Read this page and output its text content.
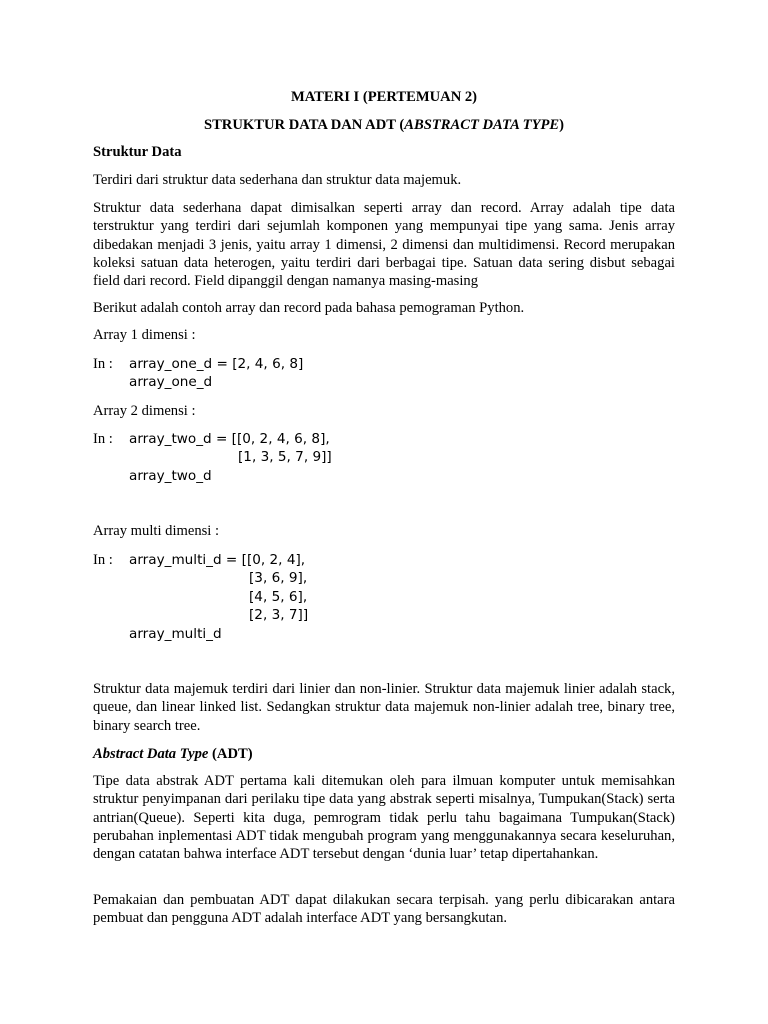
MATERI I (PERTEMUAN 2)
STRUKTUR DATA DAN ADT (ABSTRACT DATA TYPE)
Struktur Data
Terdiri dari struktur data sederhana dan struktur data majemuk.
Struktur data sederhana dapat dimisalkan seperti array dan record. Array adalah tipe data terstruktur yang terdiri dari sejumlah komponen yang mempunyai tipe yang sama. Jenis array dibedakan menjadi 3 jenis, yaitu array 1 dimensi, 2 dimensi dan multidimensi. Record merupakan koleksi satuan data heterogen, yaitu terdiri dari berbagai tipe. Satuan data sering disbut sebagai field dari record. Field dipanggil dengan namanya masing-masing
Berikut adalah contoh array dan record pada bahasa pemograman Python.
Array 1 dimensi :

In :

array_one_d = [2, 4, 6, 8]

array_one_d

Array 2 dimensi :

In :

array_two_d = [[0, 2, 4, 6, 8],

[1, 3, 5, 7, 9]]

array_two_d

Array multi dimensi :

In :

array_multi_d = [[0, 2, 4],

[3, 6, 9],

[4, 5, 6],

[2, 3, 7]]

array_multi_d

Struktur data majemuk terdiri dari linier dan non-linier. Struktur data majemuk linier adalah stack, queue, dan linear linked list. Sedangkan struktur data majemuk non-linier adalah tree, binary tree, binary search tree.
Abstract Data Type (ADT)
Tipe data abstrak ADT pertama kali ditemukan oleh para ilmuan komputer untuk memisahkan struktur penyimpanan dari perilaku tipe data yang abstrak seperti misalnya, Tumpukan(Stack) serta antrian(Queue). Seperti kita duga, pemrogram tidak perlu tahu bagaimana Tumpukan(Stack) perubahan inplementasi ADT tidak mengubah program yang menggunakannya secara keseluruhan, dengan catatan bahwa interface ADT tersebut dengan ‘dunia luar’ tetap dipertahankan.
Pemakaian dan pembuatan ADT dapat dilakukan secara terpisah. yang perlu dibicarakan antara pembuat dan pengguna ADT adalah interface ADT yang bersangkutan.
